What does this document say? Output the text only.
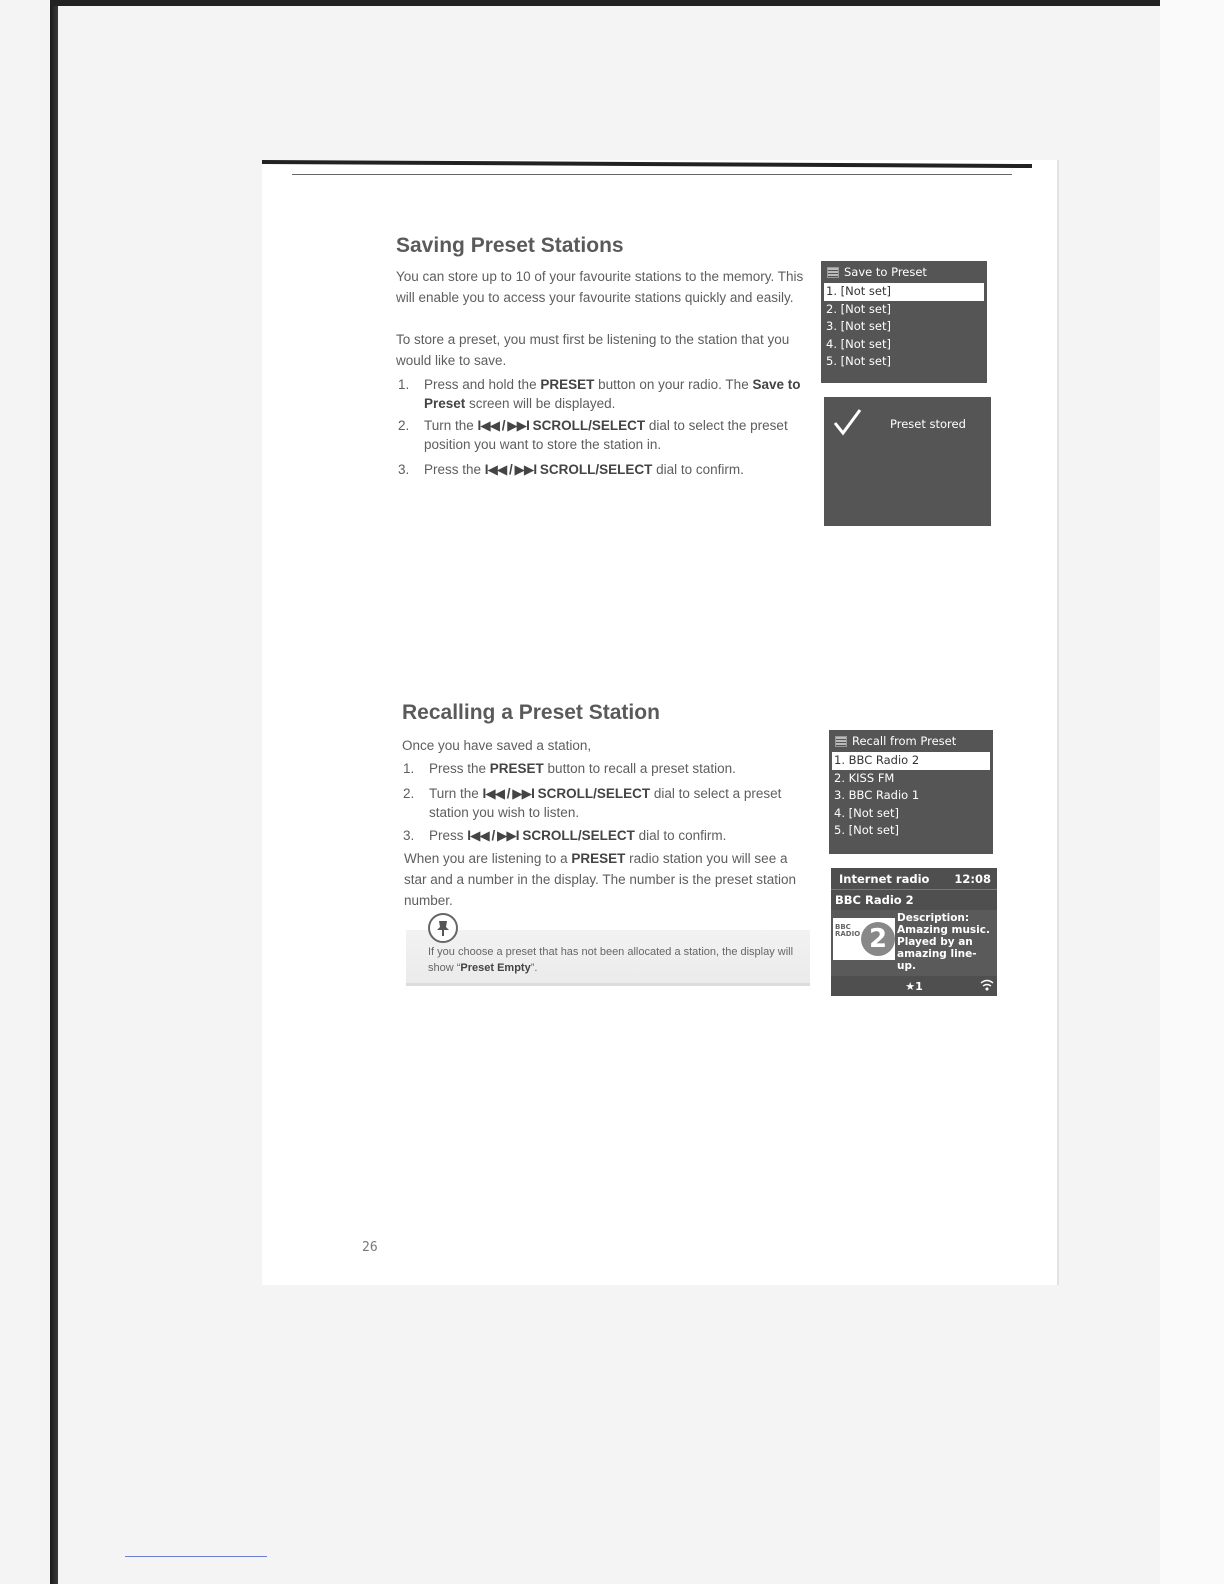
Saving Preset Stations

You can store up to 10 of your favourite stations to the memory. This will enable you to access your favourite stations quickly and easily.

To store a preset, you must first be listening to the station that you would like to save.

1.	Press and hold the PRESET button on your radio. The Save to Preset screen will be displayed.
2.	Turn the I◀◀ / ▶▶I SCROLL/SELECT dial to select the preset position you want to store the station in.
3.	Press the I◀◀ / ▶▶I SCROLL/SELECT dial to confirm.
Save to Preset
1. [Not set]
2. [Not set]
3. [Not set]
4. [Not set]
5. [Not set]
Preset stored
Recalling a Preset Station

Once you have saved a station,

1.	Press the PRESET button to recall a preset station.
2.	Turn the I◀◀ / ▶▶I SCROLL/SELECT dial to select a preset station you wish to listen.
3.	Press I◀◀ / ▶▶I SCROLL/SELECT dial to confirm.

When you are listening to a PRESET radio station you will see a star and a number in the display. The number is the preset station number.

If you choose a preset that has not been allocated a station, the display will show “Preset Empty”.

Recall from Preset
1. BBC Radio 2
2. KISS FM
3. BBC Radio 1
4. [Not set]
5. [Not set]
Internet radio 12:08
BBC Radio 2
BBC
RADIO 2
Description: Amazing music. Played by an amazing line-up.
★1
26
